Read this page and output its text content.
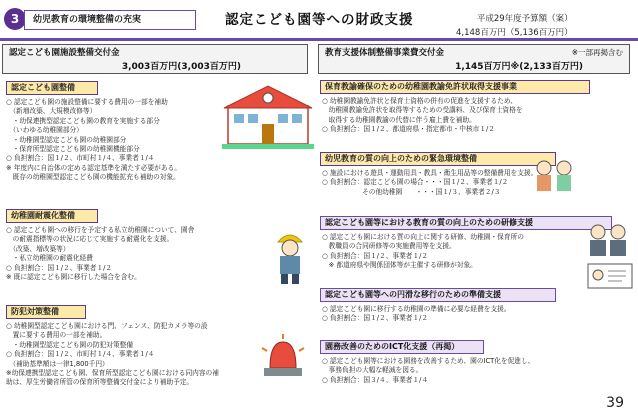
3	幼児教育の環境整備の充実	認定こども園等への財政支援	平成29年度予算額（案）
4,148百万円（5,136百万円）
認定こども園施設整備交付金
3,003百万円(3,003百万円)
認定こども園整備
○ 認定こども園の施設整備に要する費用の一部を補助
　（新増改築、大規模改修等）
　・幼保連携型認定こども園の教育を実施する部分
　（いわゆる幼稚園部分）
　・幼稚園型認定こども園の幼稚園部分
　・保育所型認定こども園の幼稚園機能部分
○ 負担割合：国１/２、市町村１/４、事業者１/４
※ 年度内に自治体の定める認定基準を満たす必要がある。
　既存の幼稚園型認定こども園の機能拡充も補助の対象。
幼稚園耐震化整備
○ 認定こども園への移行を予定する私立幼稚園について、園舎
　の耐震指標等の状況に応じて実施する耐震化を支援。
　（改築、増改築等）
　・私立幼稚園の耐震化経費
○ 負担割合：国１/２、事業者１/２
※ 既に認定こども園に移行した場合を含む。
防犯対策整備
○ 幼稚園型認定こども園における門、フェンス、防犯カメラ等の設
　置に要する費用の一部を補助。
　・幼稚園型認定こども園の防犯対策整備
○ 負担割合：国１/２、市町村１/４、事業者１/４
　（補助基準額は一律1,800千円）
※幼保連携型認定こども園、保育所型認定こども園における同内容の補
助は、厚生労働省所管の保育所等整備交付金により補助予定。
教育支援体制整備事業費交付金	※一部再掲含む
1,145百万円※(2,133百万円)
保育教諭確保のための幼稚園教諭免許状取得支援事業
○ 幼稚園教諭免許状と保育士資格の併有の促進を支援するため、
　幼稚園教諭免許状を取得等するための受講料、及び保育士資格を
　取得する幼稚園教諭の代替に伴う雇上費を補助。
○ 負担割合：国１/２、都道府県・指定都市・中核市１/２
幼児教育の質の向上のための緊急環境整備
○ 施設における遊具・運動用具・教具・衛生用品等の整備費用を支援。
○ 負担割合：認定こども園の場合・・・国１/２、事業者１/２
　　　　　　その他幼稚園　　・・・国１/３、事業者２/３
認定こども園等における教育の質の向上のための研修支援
○ 認定こども園における質の向上に関する研修、幼稚園・保育所の
　教職員の合同研修等の実施費用等を支援。
○ 負担割合：国１/２、事業者１/２
　※ 都道府県や関係団体等が主催する研修が対象。
認定こども園等への円滑な移行のための準備支援
○ 認定こども園に移行する幼稚園の準備に必要な経費を支援。
○ 負担割合：国１/２、事業者１/２
園務改善のためのICT化支援（再掲）
○ 認定こども園等における園務を改善するため、園のICT化を促進し、
　事務負担の大幅な軽減を図る。
○ 負担割合：国３/４、事業者１/４
39
